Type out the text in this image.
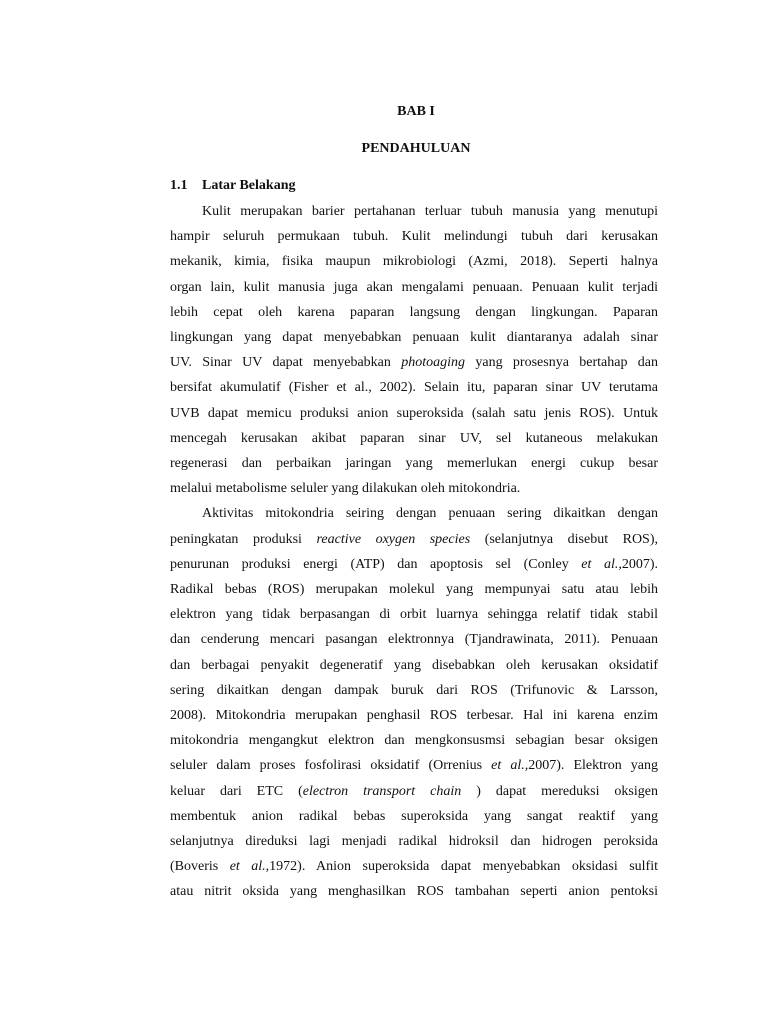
BAB I
PENDAHULUAN
1.1 Latar Belakang
Kulit merupakan barier pertahanan terluar tubuh manusia yang menutupi
hampir seluruh permukaan tubuh. Kulit melindungi tubuh dari kerusakan
mekanik, kimia, fisika maupun mikrobiologi (Azmi, 2018). Seperti halnya
organ lain, kulit manusia juga akan mengalami penuaan. Penuaan kulit terjadi
lebih cepat oleh karena paparan langsung dengan lingkungan. Paparan
lingkungan yang dapat menyebabkan penuaan kulit diantaranya adalah sinar
UV. Sinar UV dapat menyebabkan photoaging yang prosesnya bertahap dan
bersifat akumulatif (Fisher et al., 2002). Selain itu, paparan sinar UV terutama
UVB dapat memicu produksi anion superoksida (salah satu jenis ROS). Untuk
mencegah kerusakan akibat paparan sinar UV, sel kutaneous melakukan
regenerasi dan perbaikan jaringan yang memerlukan energi cukup besar
melalui metabolisme seluler yang dilakukan oleh mitokondria.
Aktivitas mitokondria seiring dengan penuaan sering dikaitkan dengan
peningkatan produksi reactive oxygen species (selanjutnya disebut ROS),
penurunan produksi energi (ATP) dan apoptosis sel (Conley et al.,2007).
Radikal bebas (ROS) merupakan molekul yang mempunyai satu atau lebih
elektron yang tidak berpasangan di orbit luarnya sehingga relatif tidak stabil
dan cenderung mencari pasangan elektronnya (Tjandrawinata, 2011). Penuaan
dan berbagai penyakit degeneratif yang disebabkan oleh kerusakan oksidatif
sering dikaitkan dengan dampak buruk dari ROS (Trifunovic & Larsson,
2008). Mitokondria merupakan penghasil ROS terbesar. Hal ini karena enzim
mitokondria mengangkut elektron dan mengkonsusmsi sebagian besar oksigen
seluler dalam proses fosfolirasi oksidatif (Orrenius et al.,2007). Elektron yang
keluar dari ETC (electron transport chain ) dapat mereduksi oksigen
membentuk anion radikal bebas superoksida yang sangat reaktif yang
selanjutnya direduksi lagi menjadi radikal hidroksil dan hidrogen peroksida
(Boveris et al.,1972). Anion superoksida dapat menyebabkan oksidasi sulfit
atau nitrit oksida yang menghasilkan ROS tambahan seperti anion pentoksi
